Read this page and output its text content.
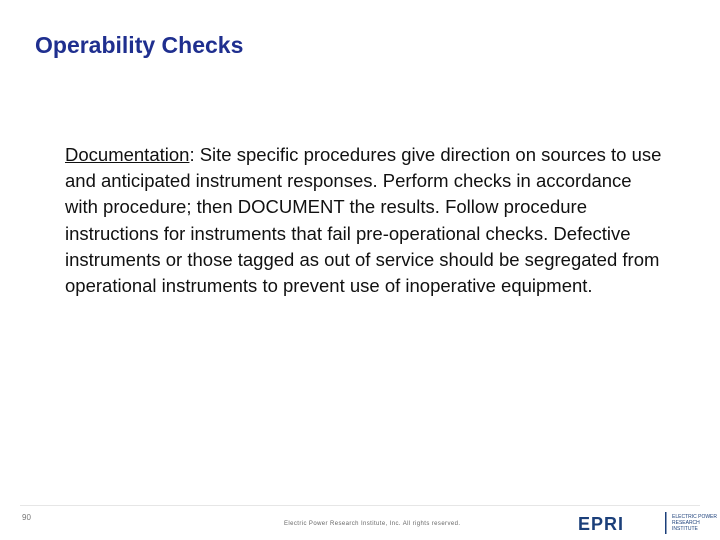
Operability Checks
Documentation: Site specific procedures give direction on sources to use and anticipated instrument responses. Perform checks in accordance with procedure; then DOCUMENT the results. Follow procedure instructions for instruments that fail pre-operational checks. Defective instruments or those tagged as out of service should be segregated from operational instruments to prevent use of inoperative equipment.
90
Electric Power Research Institute, Inc. All rights reserved.	EPRI	ELECTRIC POWER
RESEARCH INSTITUTE
